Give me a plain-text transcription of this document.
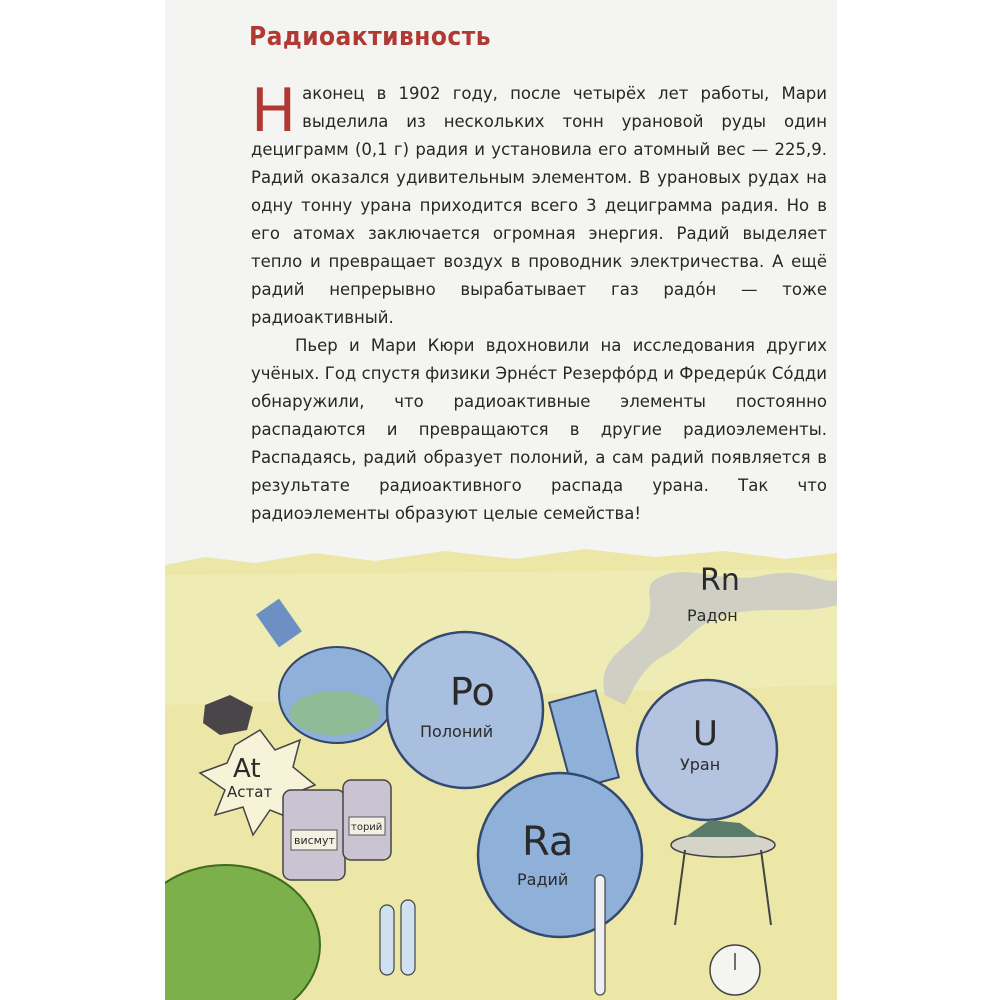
Радиоактивность

Наконец в 1902 году, после четырёх лет работы, Мари выделила из нескольких тонн урановой руды один дециграмм (0,1 г) радия и установила его атомный вес — 225,9. Радий оказался удивительным элементом. В урановых рудах на одну тонну урана приходится всего 3 дециграмма радия. Но в его атомах заключается огромная энергия. Радий выделяет тепло и превращает воздух в проводник электричества. А ещё радий непрерывно вырабатывает газ радóн — тоже радиоактивный.

Пьер и Мари Кюри вдохновили на исследования других учёных. Год спустя физики Эрнéст Резерфóрд и Фредерúк Сóдди обнаружили, что радиоактивные элементы постоянно распадаются и превращаются в другие радиоэлементы. Распадаясь, радий образует полоний, а сам радий появляется в результате радиоактивного распада урана. Так что радиоэлементы образуют целые семейства!

Po
Полоний	U
Уран
Ra
Радий
Rn
Радон
At
Астат
висмут
торий
